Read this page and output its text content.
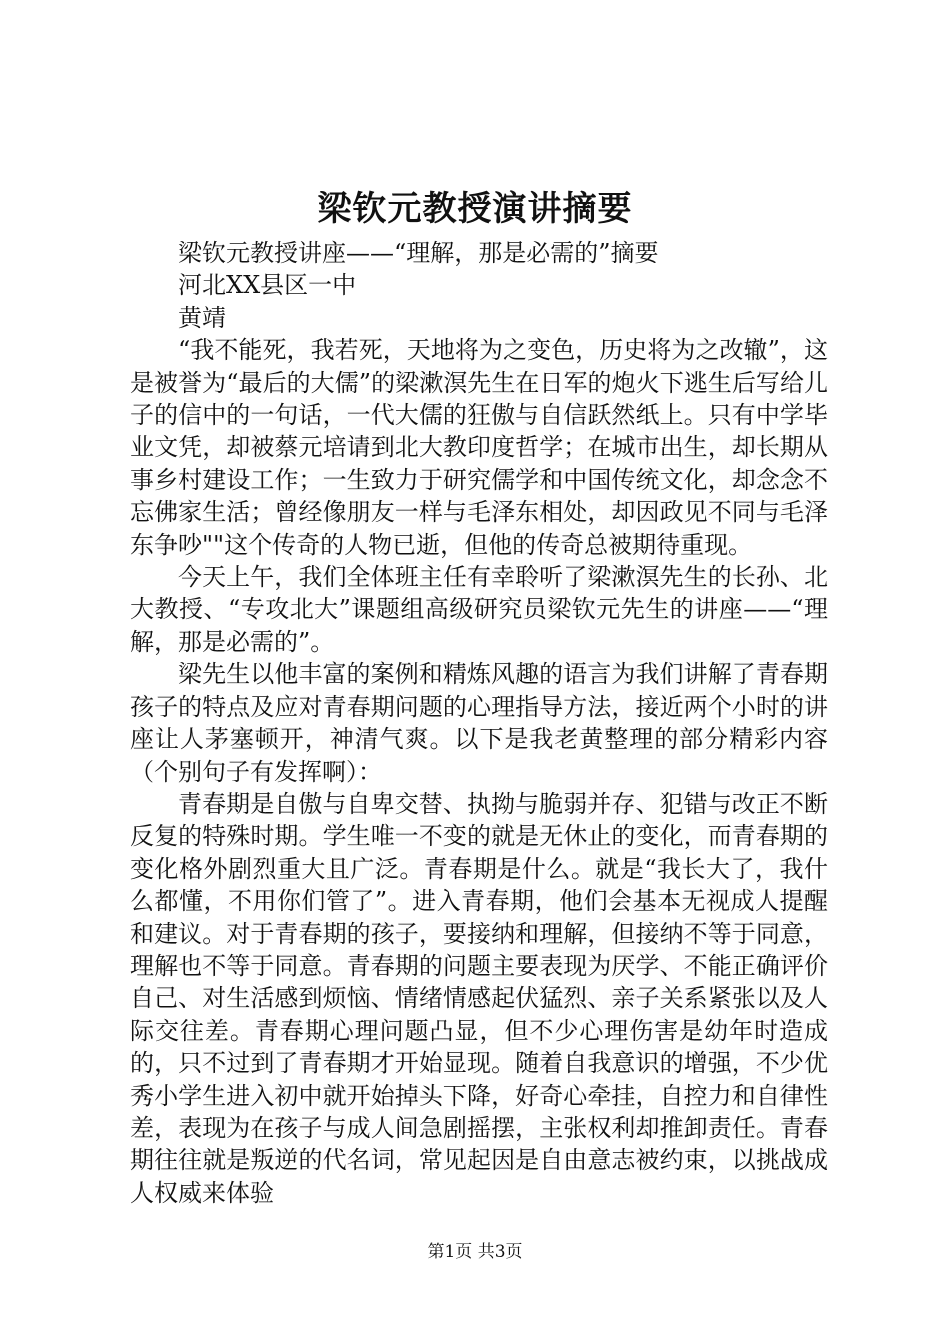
梁钦元教授演讲摘要

梁钦元教授讲座——“理解，那是必需的”摘要

河北XX县区一中

黄靖

“我不能死，我若死，天地将为之变色，历史将为之改辙”，这是被誉为“最后的大儒”的梁漱溟先生在日军的炮火下逃生后写给儿子的信中的一句话，一代大儒的狂傲与自信跃然纸上。只有中学毕业文凭，却被蔡元培请到北大教印度哲学；在城市出生，却长期从事乡村建设工作；一生致力于研究儒学和中国传统文化，却念念不忘佛家生活；曾经像朋友一样与毛泽东相处，却因政见不同与毛泽东争吵""这个传奇的人物已逝，但他的传奇总被期待重现。

今天上午，我们全体班主任有幸聆听了梁漱溟先生的长孙、北大教授、“专攻北大”课题组高级研究员梁钦元先生的讲座——“理解，那是必需的”。

梁先生以他丰富的案例和精炼风趣的语言为我们讲解了青春期孩子的特点及应对青春期问题的心理指导方法，接近两个小时的讲座让人茅塞顿开，神清气爽。以下是我老黄整理的部分精彩内容（个别句子有发挥啊）：

青春期是自傲与自卑交替、执拗与脆弱并存、犯错与改正不断反复的特殊时期。学生唯一不变的就是无休止的变化，而青春期的变化格外剧烈重大且广泛。青春期是什么。就是“我长大了，我什么都懂，不用你们管了”。进入青春期，他们会基本无视成人提醒和建议。对于青春期的孩子，要接纳和理解，但接纳不等于同意，理解也不等于同意。青春期的问题主要表现为厌学、不能正确评价自己、对生活感到烦恼、情绪情感起伏猛烈、亲子关系紧张以及人际交往差。青春期心理问题凸显，但不少心理伤害是幼年时造成的，只不过到了青春期才开始显现。随着自我意识的增强，不少优秀小学生进入初中就开始掉头下降，好奇心牵挂，自控力和自律性差，表现为在孩子与成人间急剧摇摆，主张权利却推卸责任。青春期往往就是叛逆的代名词，常见起因是自由意志被约束，以挑战成人权威来体验

第1页 共3页
